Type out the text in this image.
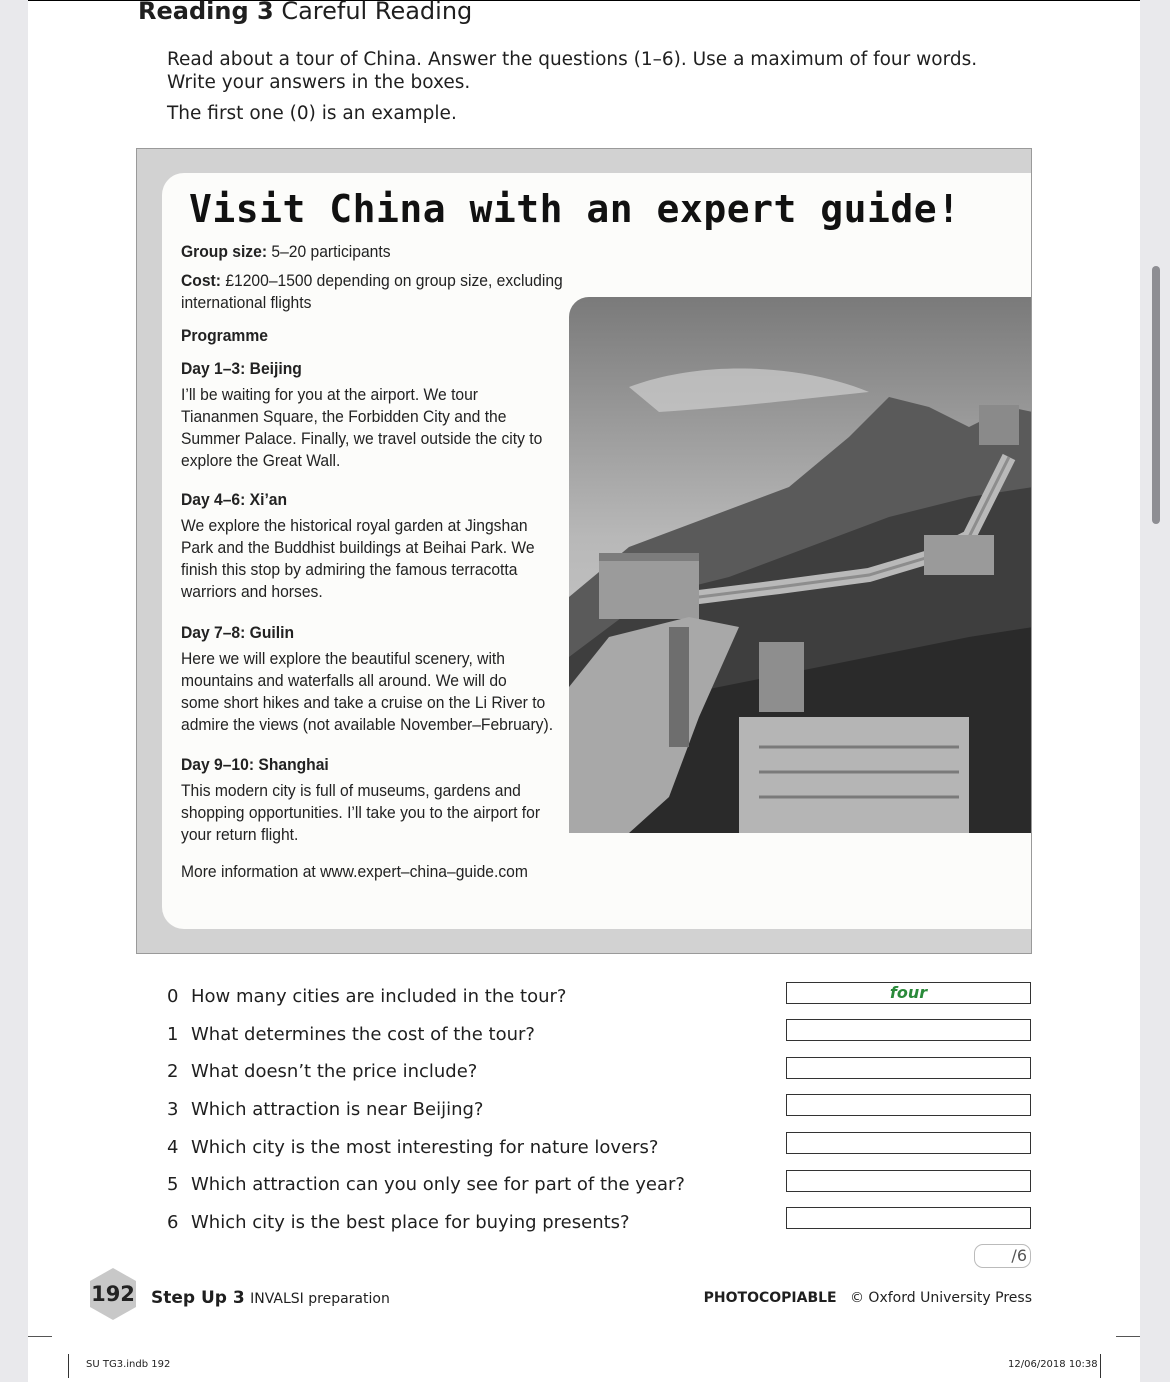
Reading 3 Careful Reading
Read about a tour of China. Answer the questions (1–6). Use a maximum of four words.
Write your answers in the boxes.
The first one (0) is an example.
Visit China with an expert guide!
Group size: 5–20 participants
Cost: £1200–1500 depending on group size, excluding
international flights
Programme
Day 1–3: Beijing
I’ll be waiting for you at the airport. We tour
Tiananmen Square, the Forbidden City and the
Summer Palace. Finally, we travel outside the city to
explore the Great Wall.
Day 4–6: Xi’an
We explore the historical royal garden at Jingshan
Park and the Buddhist buildings at Beihai Park. We
finish this stop by admiring the famous terracotta
warriors and horses.
Day 7–8: Guilin
Here we will explore the beautiful scenery, with
mountains and waterfalls all around. We will do
some short hikes and take a cruise on the Li River to
admire the views (not available November–February).
Day 9–10: Shanghai
This modern city is full of museums, gardens and
shopping opportunities. I’ll take you to the airport for
your return flight.
More information at www.expert–china–guide.com
0 How many cities are included in the tour?	four
1 What determines the cost of the tour?
2 What doesn’t the price include?
3 Which attraction is near Beijing?
4 Which city is the most interesting for nature lovers?
5 Which attraction can you only see for part of the year?
6 Which city is the best place for buying presents?
/6
192 Step Up 3 INVALSI preparation	PHOTOCOPIABLE © Oxford University Press
SU TG3.indb 192	12/06/2018 10:38
